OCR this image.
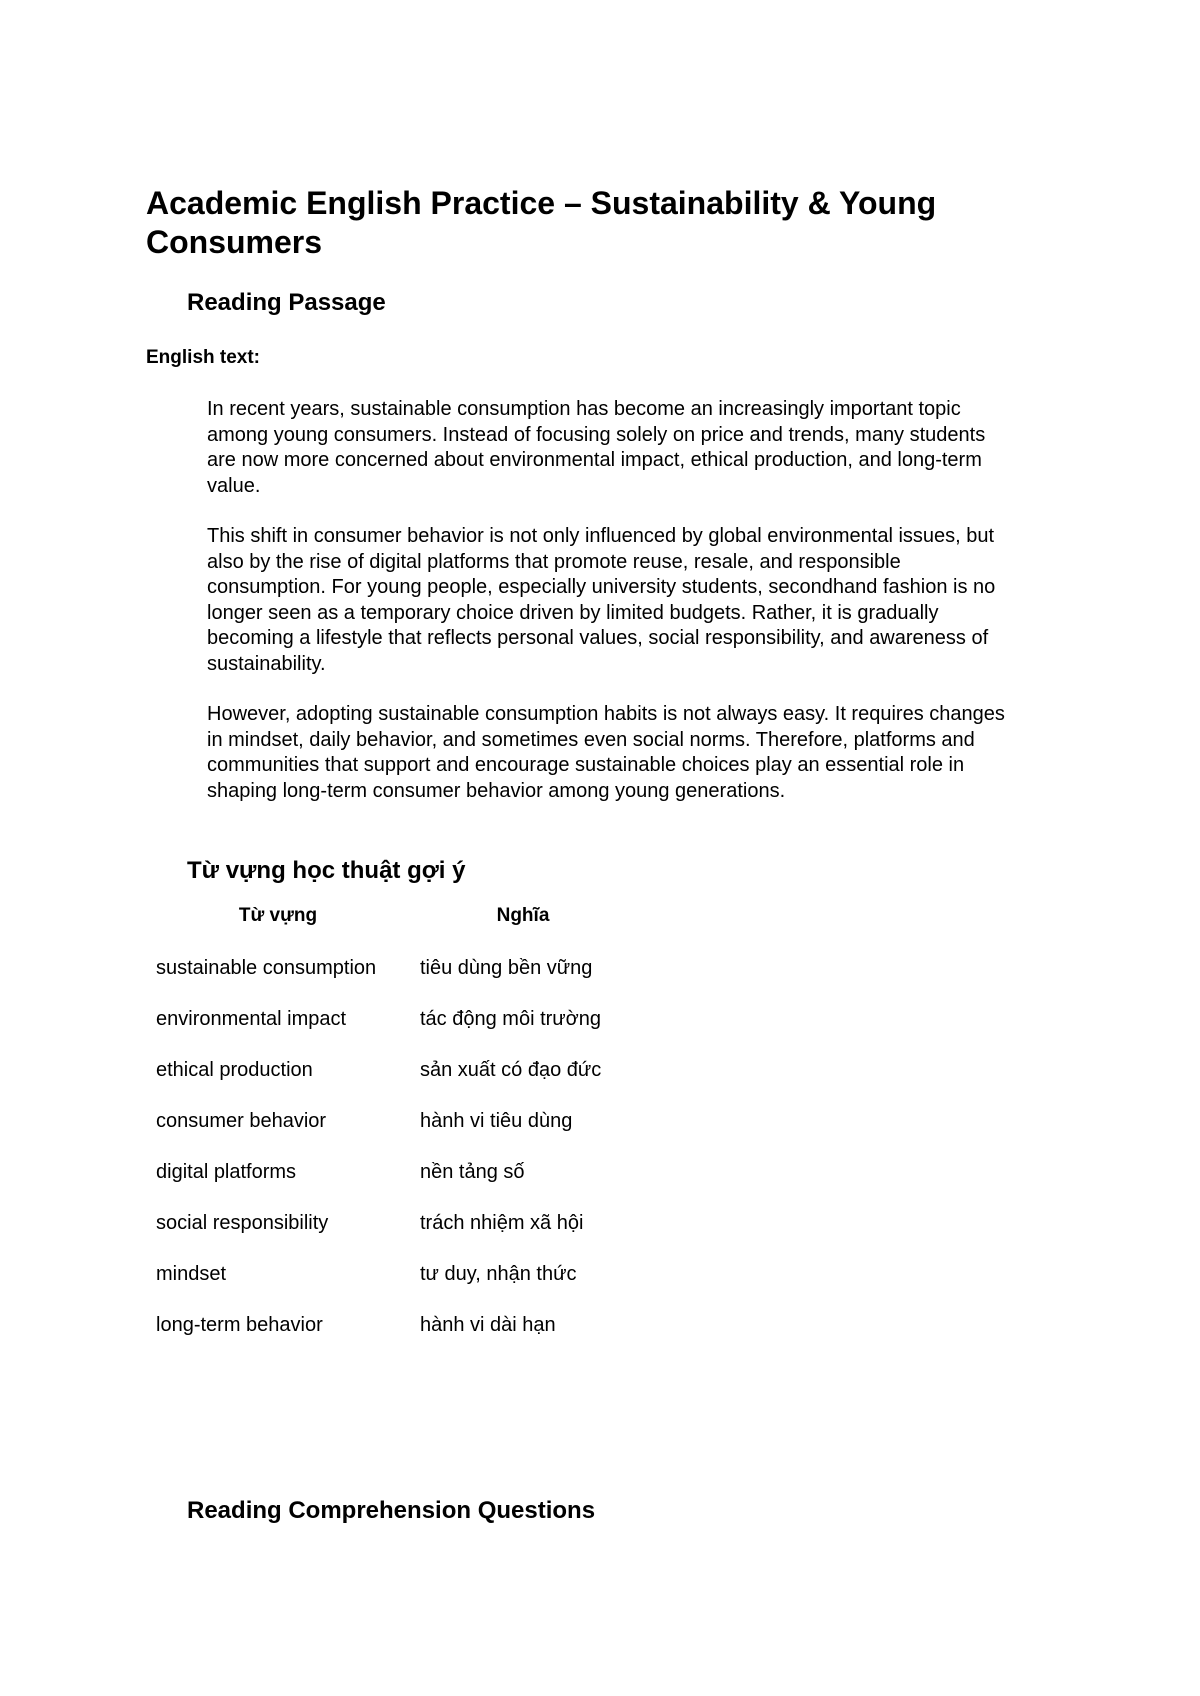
Academic English Practice – Sustainability & Young Consumers
Reading Passage

English text:

In recent years, sustainable consumption has become an increasingly important topic among young consumers. Instead of focusing solely on price and trends, many students are now more concerned about environmental impact, ethical production, and long-term value.

This shift in consumer behavior is not only influenced by global environmental issues, but also by the rise of digital platforms that promote reuse, resale, and responsible consumption. For young people, especially university students, secondhand fashion is no longer seen as a temporary choice driven by limited budgets. Rather, it is gradually becoming a lifestyle that reflects personal values, social responsibility, and awareness of sustainability.

However, adopting sustainable consumption habits is not always easy. It requires changes in mindset, daily behavior, and sometimes even social norms. Therefore, platforms and communities that support and encourage sustainable choices play an essential role in shaping long-term consumer behavior among young generations.

Từ vựng học thuật gợi ý
Từ vựng	Nghĩa
sustainable consumption	tiêu dùng bền vững
environmental impact	tác động môi trường
ethical production	sản xuất có đạo đức
consumer behavior	hành vi tiêu dùng
digital platforms	nền tảng số
social responsibility	trách nhiệm xã hội
mindset	tư duy, nhận thức
long-term behavior	hành vi dài hạn
Reading Comprehension Questions
